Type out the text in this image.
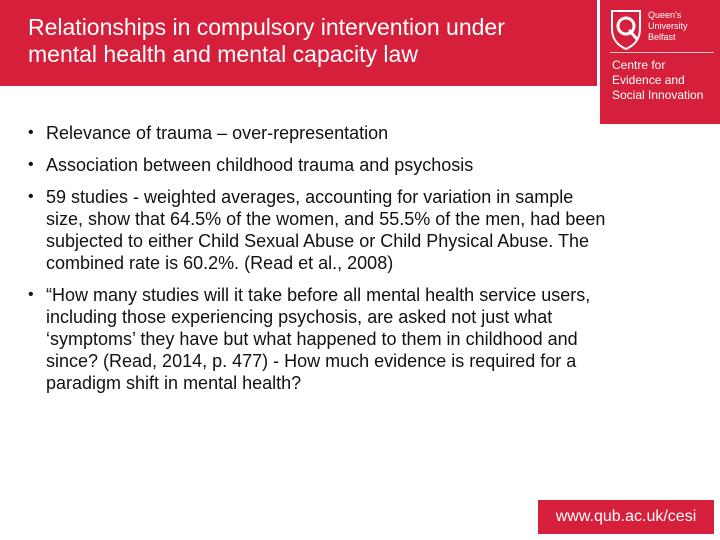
Relationships in compulsory intervention under
mental health and mental capacity law
Queen's University
Belfast
Centre for
Evidence and
Social Innovation
• Relevance of trauma – over-representation
• Association between childhood trauma and psychosis
• 59 studies - weighted averages, accounting for variation in sample size, show that 64.5% of the women, and 55.5% of the men, had been subjected to either Child Sexual Abuse or Child Physical Abuse. The combined rate is 60.2%. (Read et al., 2008)
• “How many studies will it take before all mental health service users, including those experiencing psychosis, are asked not just what ‘symptoms’ they have but what happened to them in childhood and since? (Read, 2014, p. 477) - How much evidence is required for a paradigm shift in mental health?
www.qub.ac.uk/cesi
